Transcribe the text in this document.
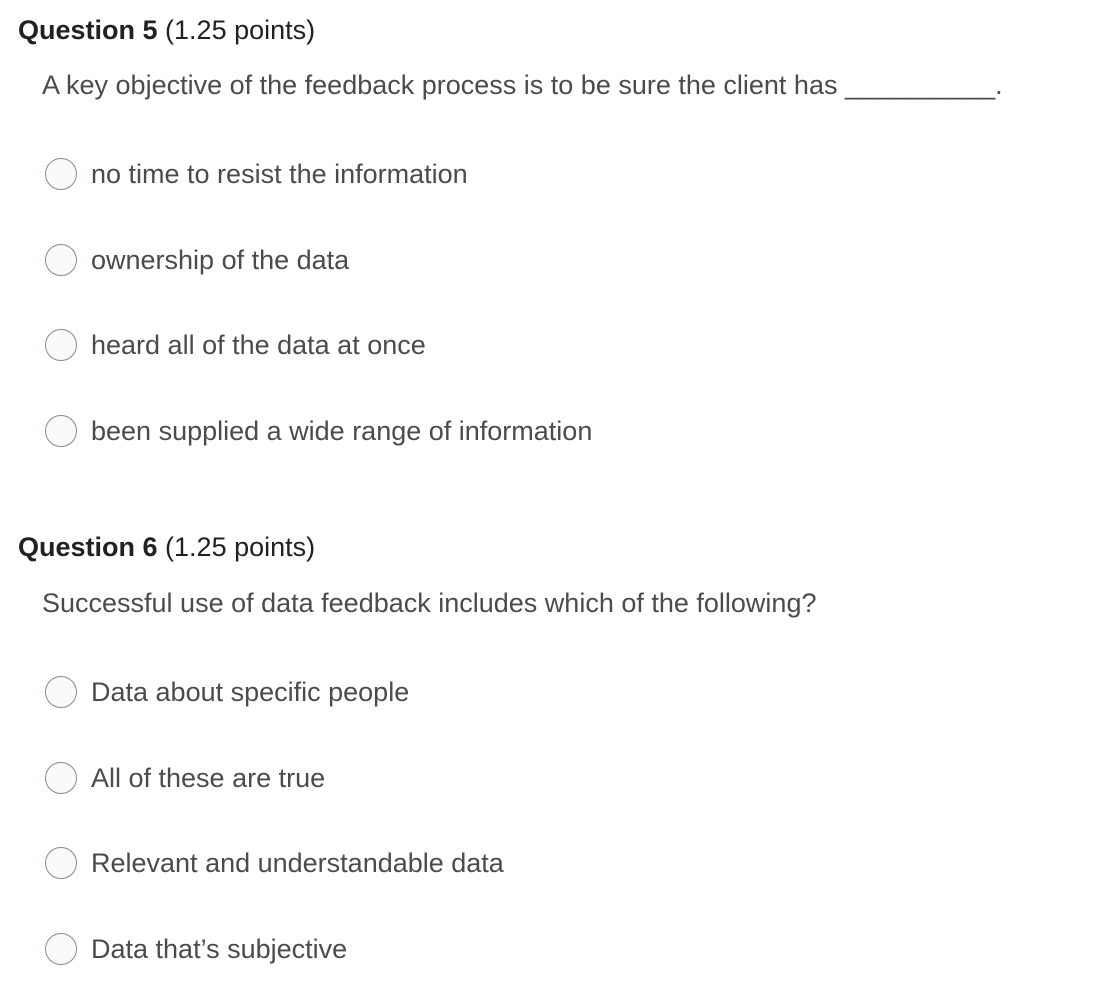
Question 5 (1.25 points)
A key objective of the feedback process is to be sure the client has __________.
no time to resist the information
ownership of the data
heard all of the data at once
been supplied a wide range of information
Question 6 (1.25 points)
Successful use of data feedback includes which of the following?
Data about specific people
All of these are true
Relevant and understandable data
Data that’s subjective
